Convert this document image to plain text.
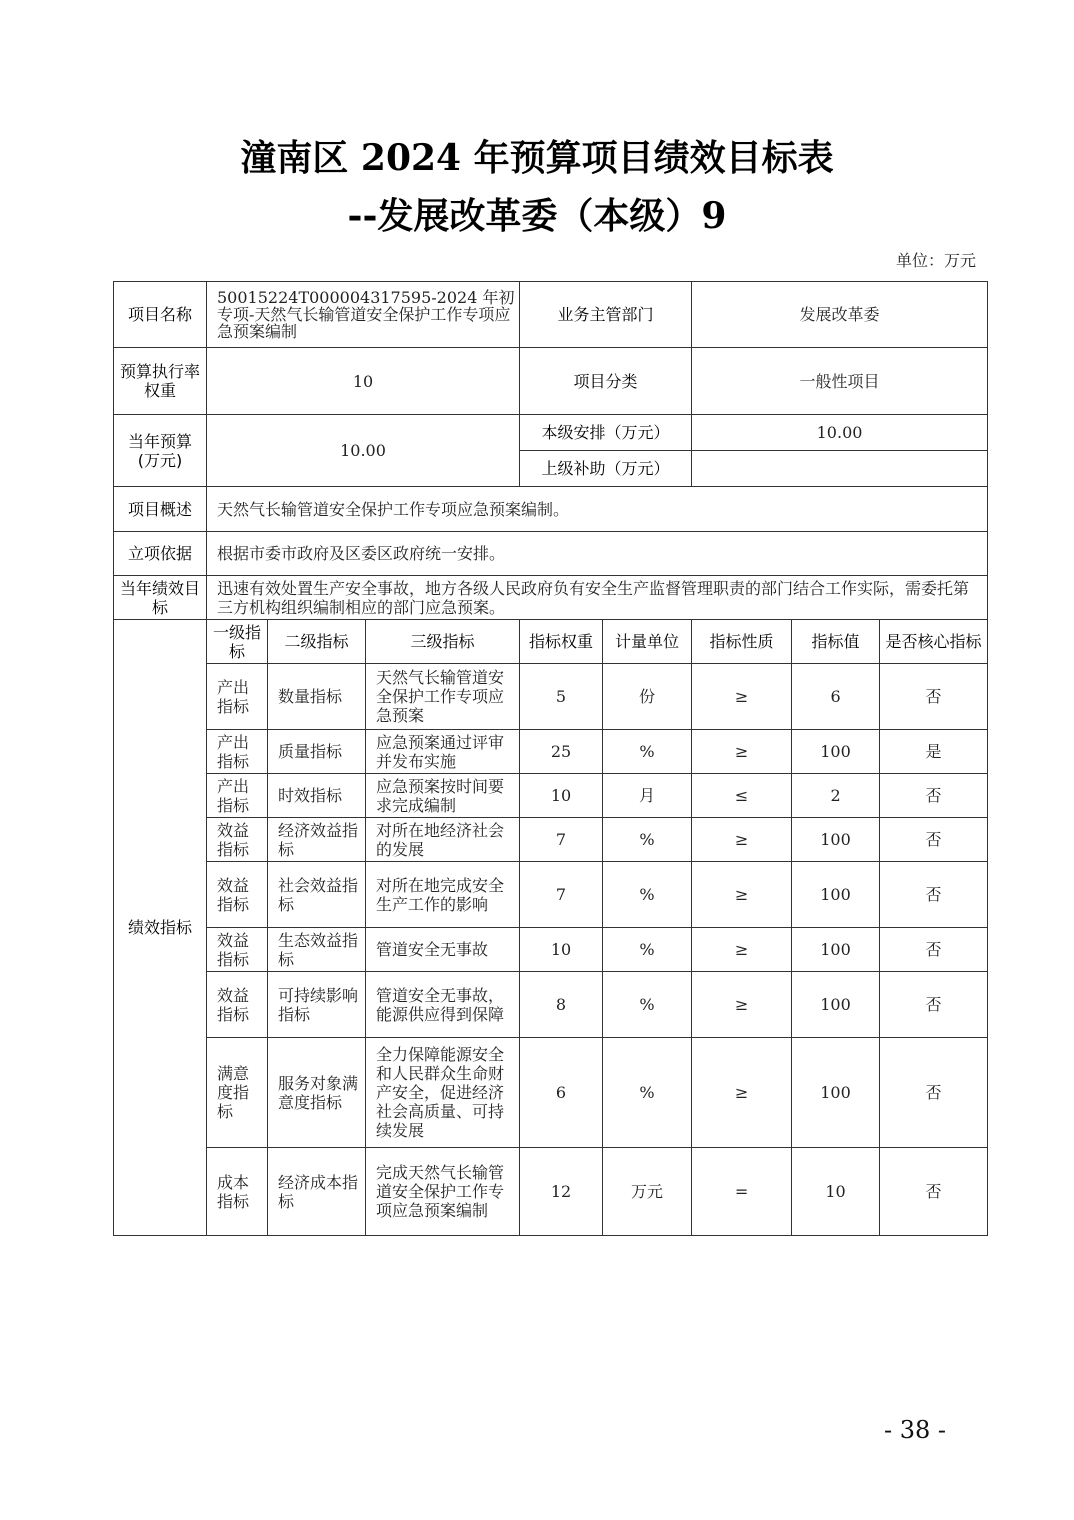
潼南区 2024 年预算项目绩效目标表
--发展改革委（本级）9
单位：万元
项目名称	50015224T000004317595-2024 年初专项-天然气长输管道安全保护工作专项应急预案编制			业务主管部门		发展改革委		
预算执行率权重	10			项目分类		一般性项目		
当年预算(万元)	10.00			本级安排（万元）		10.00		
				上级补助（万元）				
项目概述	天然气长输管道安全保护工作专项应急预案编制。							
立项依据	根据市委市政府及区委区政府统一安排。							
当年绩效目标	迅速有效处置生产安全事故，地方各级人民政府负有安全生产监督管理职责的部门结合工作实际，需委托第三方机构组织编制相应的部门应急预案。							
绩效指标	一级指标	二级指标	三级指标	指标权重	计量单位	指标性质	指标值	是否核心指标
	产出指标	数量指标	天然气长输管道安全保护工作专项应急预案	5	份	≥	6	否
	产出指标	质量指标	应急预案通过评审并发布实施	25	%	≥	100	是
	产出指标	时效指标	应急预案按时间要求完成编制	10	月	≤	2	否
	效益指标	经济效益指标	对所在地经济社会的发展	7	%	≥	100	否
	效益指标	社会效益指标	对所在地完成安全生产工作的影响	7	%	≥	100	否
	效益指标	生态效益指标	管道安全无事故	10	%	≥	100	否
	效益指标	可持续影响指标	管道安全无事故，能源供应得到保障	8	%	≥	100	否
	满意度指标	服务对象满意度指标	全力保障能源安全和人民群众生命财产安全，促进经济社会高质量、可持续发展	6	%	≥	100	否
	成本指标	经济成本指标	完成天然气长输管道安全保护工作专项应急预案编制	12	万元	=	10	否
- 38 -
